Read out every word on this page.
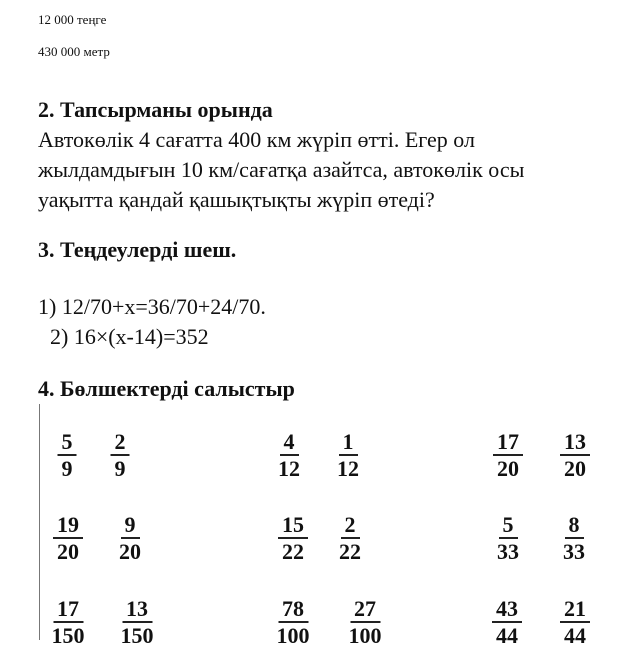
12 000 теңге
430 000 метр
2. Тапсырманы орында
Автокөлік 4 сағатта 400 км жүріп өтті. Егер ол
жылдамдығын 10 км/сағатқа азайтса, автокөлік осы
уақытта қандай қашықтықты жүріп өтеді?
3. Теңдеулерді шеш.
1) 12/70+x=36/70+24/70.
2) 16×(x-14)=352
4. Бөлшектерді салыстыр
$\frac{5}{9} \frac{2}{9}$	$\frac{4}{12} \frac{1}{12}$	$\frac{17}{20} \frac{13}{20}$
$\frac{19}{20} \frac{9}{20}$	$\frac{15}{22} \frac{2}{22}$	$\frac{5}{33} \frac{8}{33}$
$\frac{17}{150} \frac{13}{150}$	$\frac{78}{100} \frac{27}{100}$	$\frac{43}{44} \frac{21}{44}$
